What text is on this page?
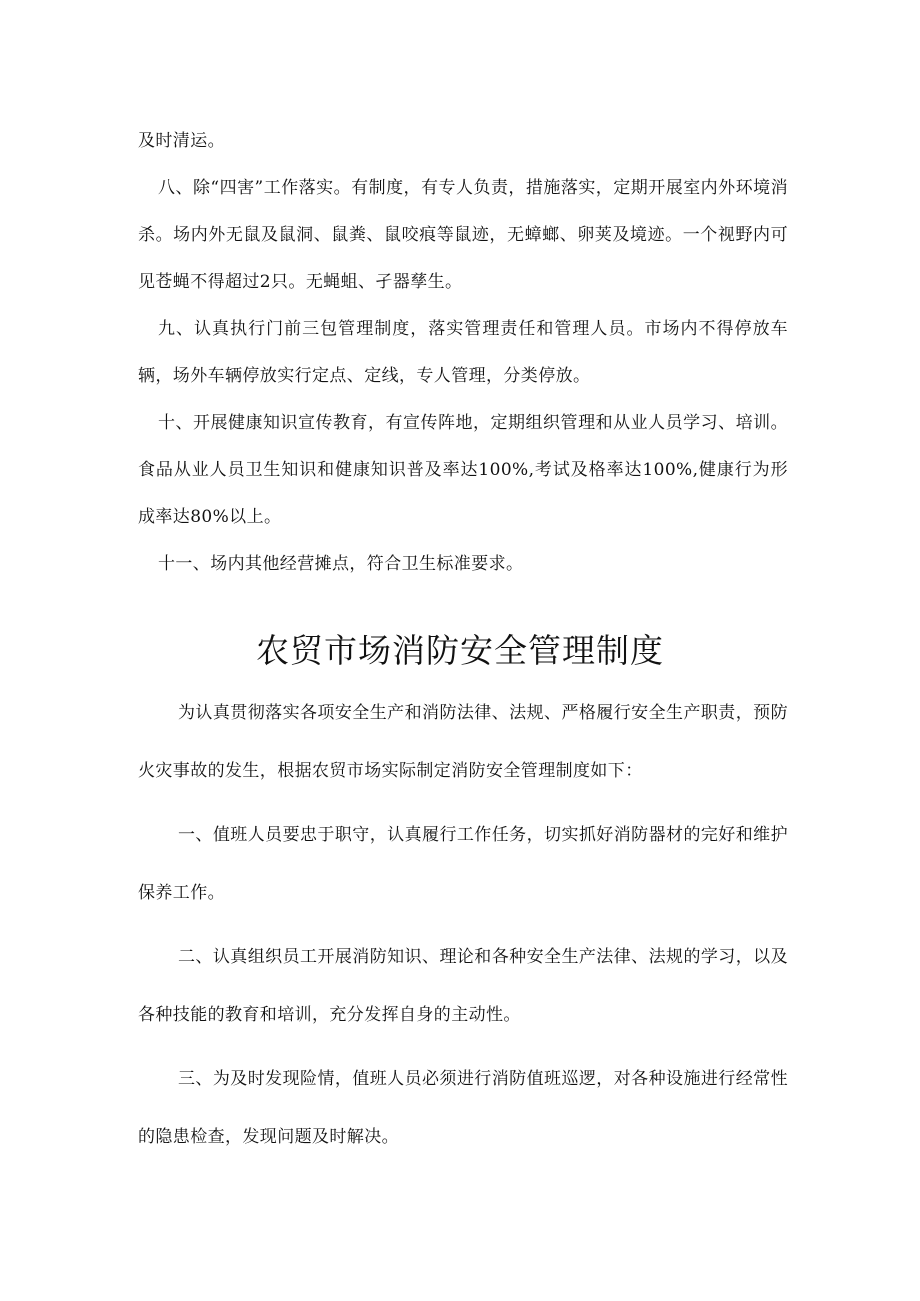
及时清运。

八、除“四害”工作落实。有制度，有专人负责，措施落实，定期开展室内外环境消杀。场内外无鼠及鼠洞、鼠粪、鼠咬痕等鼠迹，无蟑螂、卵荚及境迹。一个视野内可见苍蝇不得超过2只。无蝇蛆、孑器孳生。

九、认真执行门前三包管理制度，落实管理责任和管理人员。市场内不得停放车辆，场外车辆停放实行定点、定线，专人管理，分类停放。

十、开展健康知识宣传教育，有宣传阵地，定期组织管理和从业人员学习、培训。食品从业人员卫生知识和健康知识普及率达100%,考试及格率达100%,健康行为形成率达80%以上。

十一、场内其他经营摊点，符合卫生标准要求。

农贸市场消防安全管理制度

为认真贯彻落实各项安全生产和消防法律、法规、严格履行安全生产职责，预防火灾事故的发生，根据农贸市场实际制定消防安全管理制度如下：

一、值班人员要忠于职守，认真履行工作任务，切实抓好消防器材的完好和维护保养工作。

二、认真组织员工开展消防知识、理论和各种安全生产法律、法规的学习，以及各种技能的教育和培训，充分发挥自身的主动性。

三、为及时发现险情，值班人员必须进行消防值班巡逻，对各种设施进行经常性的隐患检查，发现问题及时解决。
